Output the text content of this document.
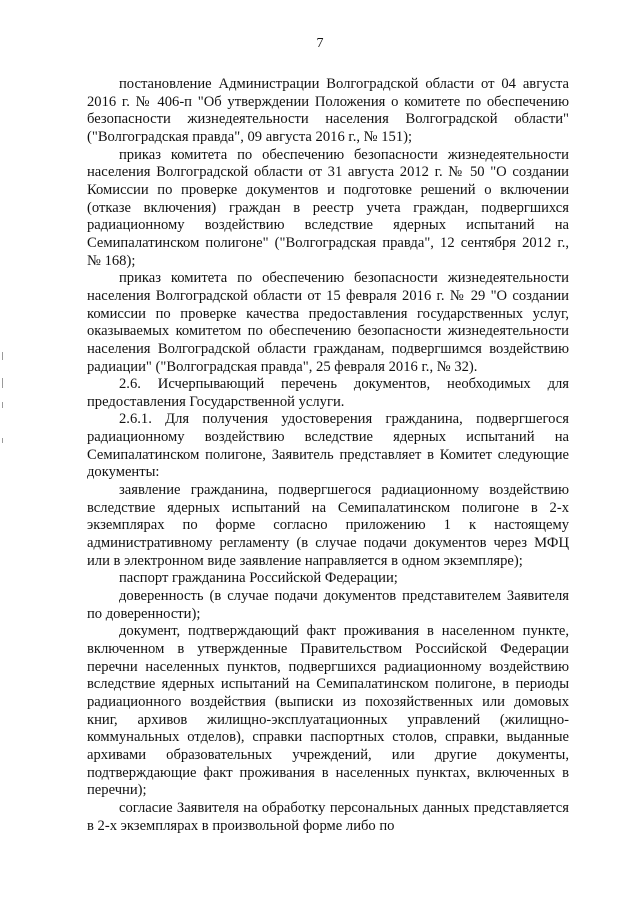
7

постановление Администрации Волгоградской области от 04 августа 2016 г. № 406-п "Об утверждении Положения о комитете по обеспечению безопасности жизнедеятельности населения Волгоградской области" ("Волгоградская правда", 09 августа 2016 г., № 151);

приказ комитета по обеспечению безопасности жизнедеятельности населения Волгоградской области от 31 августа 2012 г. № 50 "О создании Комиссии по проверке документов и подготовке решений о включении (отказе включения) граждан в реестр учета граждан, подвергшихся радиационному воздействию вследствие ядерных испытаний на Семипалатинском полигоне" ("Волгоградская правда", 12 сентября 2012 г., № 168);

приказ комитета по обеспечению безопасности жизнедеятельности населения Волгоградской области от 15 февраля 2016 г. № 29 "О создании комиссии по проверке качества предоставления государственных услуг, оказываемых комитетом по обеспечению безопасности жизнедеятельности населения Волгоградской области гражданам, подвергшимся воздействию радиации" ("Волгоградская правда", 25 февраля 2016 г., № 32).

2.6. Исчерпывающий перечень документов, необходимых для предоставления Государственной услуги.

2.6.1. Для получения удостоверения гражданина, подвергшегося радиационному воздействию вследствие ядерных испытаний на Семипалатинском полигоне, Заявитель представляет в Комитет следующие документы:

заявление гражданина, подвергшегося радиационному воздействию вследствие ядерных испытаний на Семипалатинском полигоне в 2-х экземплярах по форме согласно приложению 1 к настоящему административному регламенту (в случае подачи документов через МФЦ или в электронном виде заявление направляется в одном экземпляре);

паспорт гражданина Российской Федерации;

доверенность (в случае подачи документов представителем Заявителя по доверенности);

документ, подтверждающий факт проживания в населенном пункте, включенном в утвержденные Правительством Российской Федерации перечни населенных пунктов, подвергшихся радиационному воздействию вследствие ядерных испытаний на Семипалатинском полигоне, в периоды радиационного воздействия (выписки из похозяйственных или домовых книг, архивов жилищно-эксплуатационных управлений (жилищно-коммунальных отделов), справки паспортных столов, справки, выданные архивами образовательных учреждений, или другие документы, подтверждающие факт проживания в населенных пунктах, включенных в перечни);

согласие Заявителя на обработку персональных данных представляется в 2-х экземплярах в произвольной форме либо по
